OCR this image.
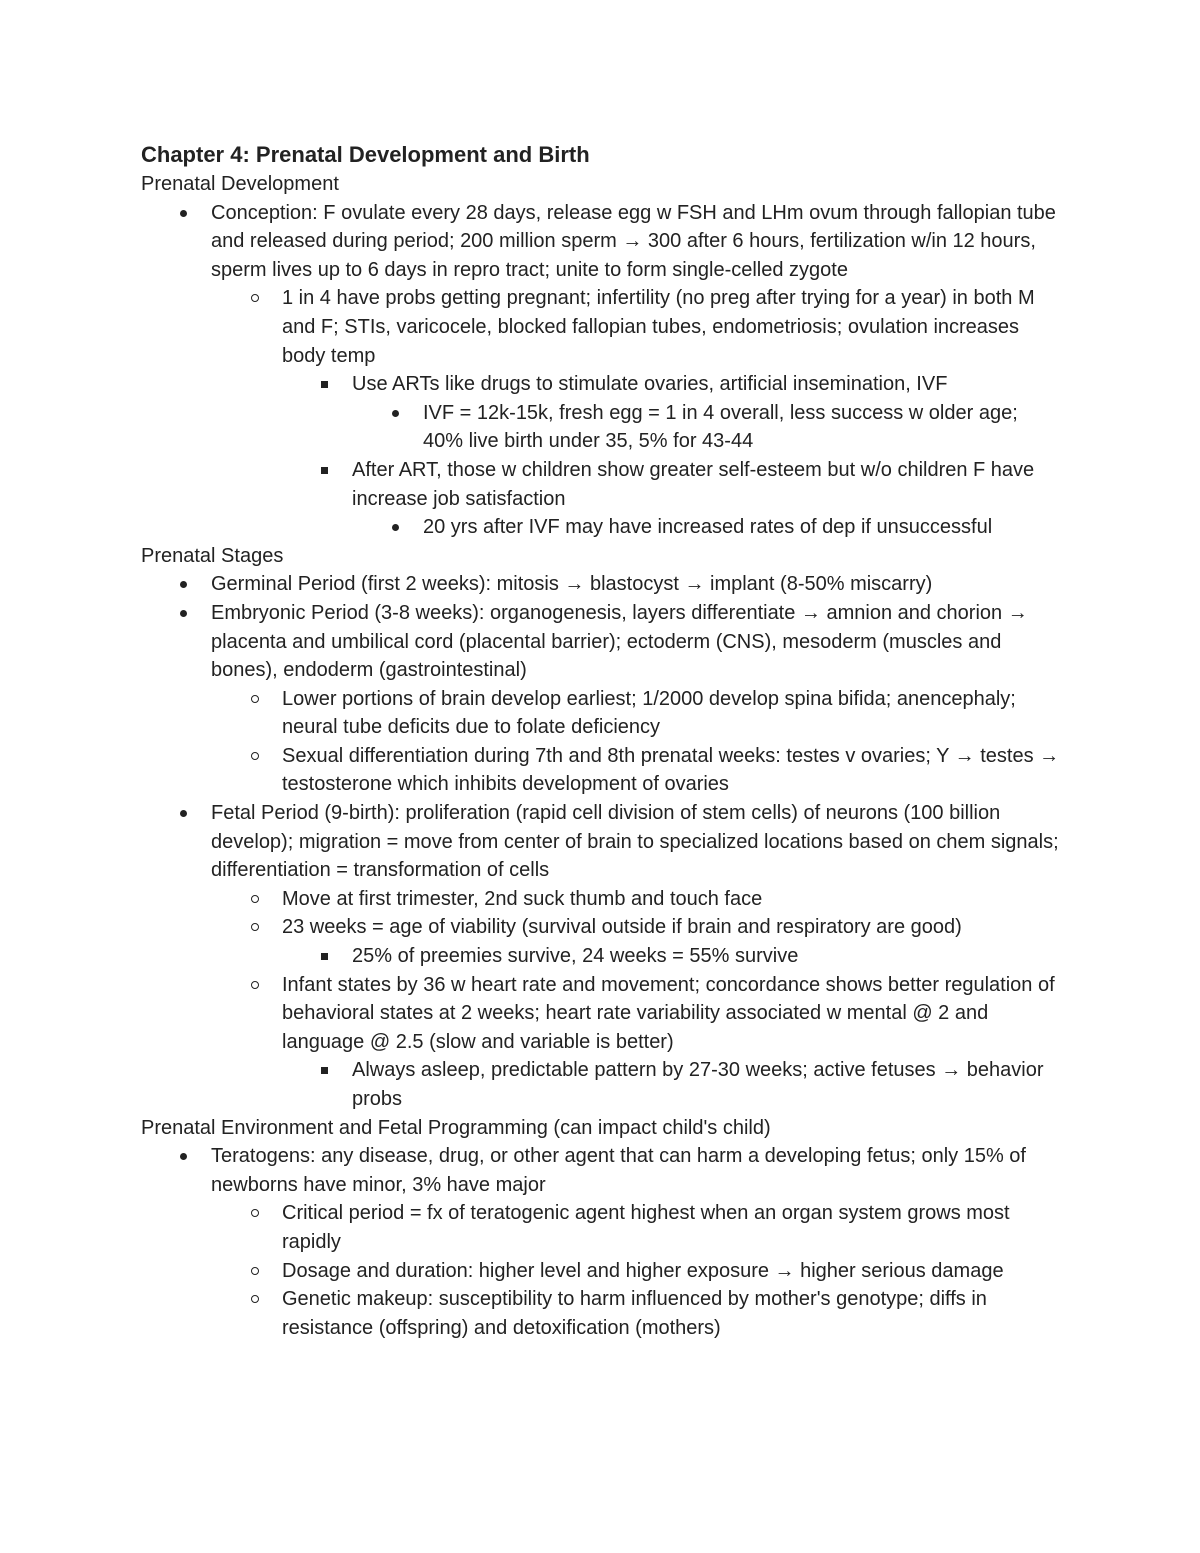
Chapter 4: Prenatal Development and Birth
Prenatal Development
Conception: F ovulate every 28 days, release egg w FSH and LHm ovum through fallopian tube and released during period; 200 million sperm → 300 after 6 hours, fertilization w/in 12 hours, sperm lives up to 6 days in repro tract; unite to form single-celled zygote
1 in 4 have probs getting pregnant; infertility (no preg after trying for a year) in both M and F; STIs, varicocele, blocked fallopian tubes, endometriosis; ovulation increases body temp
Use ARTs like drugs to stimulate ovaries, artificial insemination, IVF
IVF = 12k-15k, fresh egg = 1 in 4 overall, less success w older age; 40% live birth under 35, 5% for 43-44
After ART, those w children show greater self-esteem but w/o children F have increase job satisfaction
20 yrs after IVF may have increased rates of dep if unsuccessful
Prenatal Stages
Germinal Period (first 2 weeks): mitosis → blastocyst → implant (8-50% miscarry)
Embryonic Period (3-8 weeks): organogenesis, layers differentiate → amnion and chorion → placenta and umbilical cord (placental barrier); ectoderm (CNS), mesoderm (muscles and bones), endoderm (gastrointestinal)
Lower portions of brain develop earliest; 1/2000 develop spina bifida; anencephaly; neural tube deficits due to folate deficiency
Sexual differentiation during 7th and 8th prenatal weeks: testes v ovaries; Y → testes → testosterone which inhibits development of ovaries
Fetal Period (9-birth): proliferation (rapid cell division of stem cells) of neurons (100 billion develop); migration = move from center of brain to specialized locations based on chem signals; differentiation = transformation of cells
Move at first trimester, 2nd suck thumb and touch face
23 weeks = age of viability (survival outside if brain and respiratory are good)
25% of preemies survive, 24 weeks = 55% survive
Infant states by 36 w heart rate and movement; concordance shows better regulation of behavioral states at 2 weeks; heart rate variability associated w mental @ 2 and language @ 2.5 (slow and variable is better)
Always asleep, predictable pattern by 27-30 weeks; active fetuses → behavior probs
Prenatal Environment and Fetal Programming (can impact child's child)
Teratogens: any disease, drug, or other agent that can harm a developing fetus; only 15% of newborns have minor, 3% have major
Critical period = fx of teratogenic agent highest when an organ system grows most rapidly
Dosage and duration: higher level and higher exposure → higher serious damage
Genetic makeup: susceptibility to harm influenced by mother's genotype; diffs in resistance (offspring) and detoxification (mothers)
